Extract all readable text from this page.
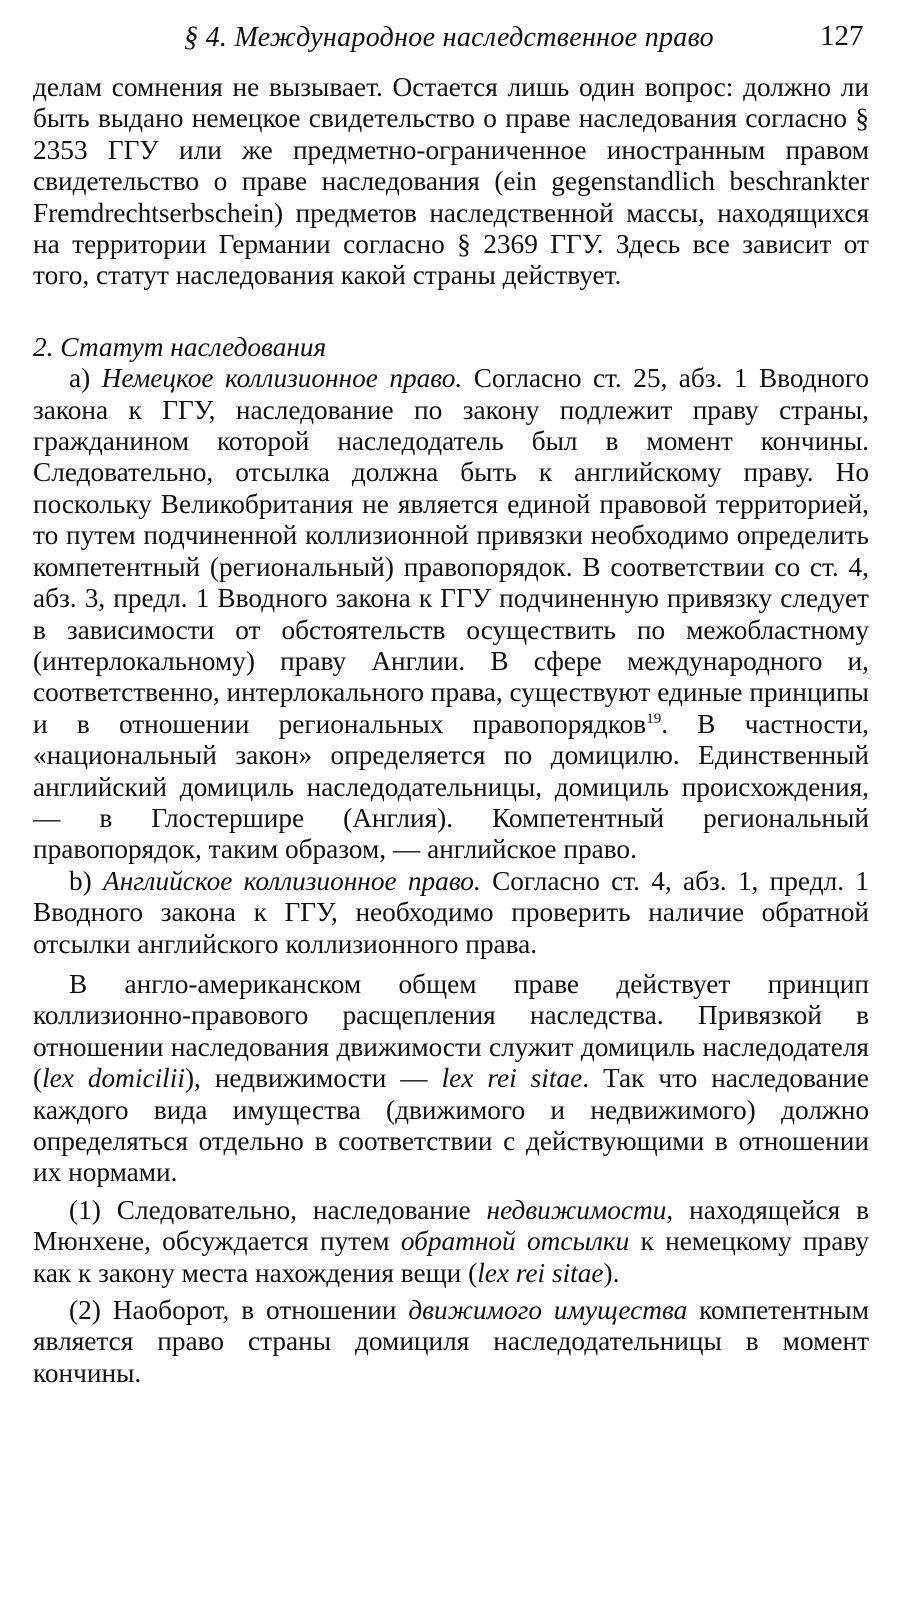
§ 4. Международное наследственное право	127

делам сомнения не вызывает. Остается лишь один вопрос: должно ли быть выдано немецкое свидетельство о праве наследования согласно § 2353 ГГУ или же предметно-ограниченное иностранным правом свидетельство о праве наследования (ein gegenstandlich beschrankter Fremdrechtserbschein) предметов наследственной массы, находящихся на территории Германии согласно § 2369 ГГУ. Здесь все зависит от того, статут наследования какой страны действует.

2. Статут наследования

а) Немецкое коллизионное право. Согласно ст. 25, абз. 1 Вводного закона к ГГУ, наследование по закону подлежит праву страны, гражданином которой наследодатель был в момент кончины. Следовательно, отсылка должна быть к английскому праву. Но поскольку Великобритания не является единой правовой территорией, то путем подчиненной коллизионной привязки необходимо определить компетентный (региональный) правопорядок. В соответствии со ст. 4, абз. 3, предл. 1 Вводного закона к ГГУ подчиненную привязку следует в зависимости от обстоятельств осуществить по межобластному (интерлокальному) праву Англии. В сфере международного и, соответственно, интерлокального права, существуют единые принципы и в отношении региональных правопорядков$^{19}$. В частности, «национальный закон» определяется по домицилю. Единственный английский домициль наследодательницы, домициль происхождения, — в Глостершире (Англия). Компетентный региональный правопорядок, таким образом, — английское право.

b) Английское коллизионное право. Согласно ст. 4, абз. 1, предл. 1 Вводного закона к ГГУ, необходимо проверить наличие обратной отсылки английского коллизионного права.

В англо-американском общем праве действует принцип коллизионно-правового расщепления наследства. Привязкой в отношении наследования движимости служит домициль наследодателя (lex domicilii), недвижимости — lex rei sitae. Так что наследование каждого вида имущества (движимого и недвижимого) должно определяться отдельно в соответствии с действующими в отношении их нормами.

(1) Следовательно, наследование недвижимости, находящейся в Мюнхене, обсуждается путем обратной отсылки к немецкому праву как к закону места нахождения вещи (lex rei sitae).

(2) Наоборот, в отношении движимого имущества компетентным является право страны домициля наследодательницы в момент кончины.
